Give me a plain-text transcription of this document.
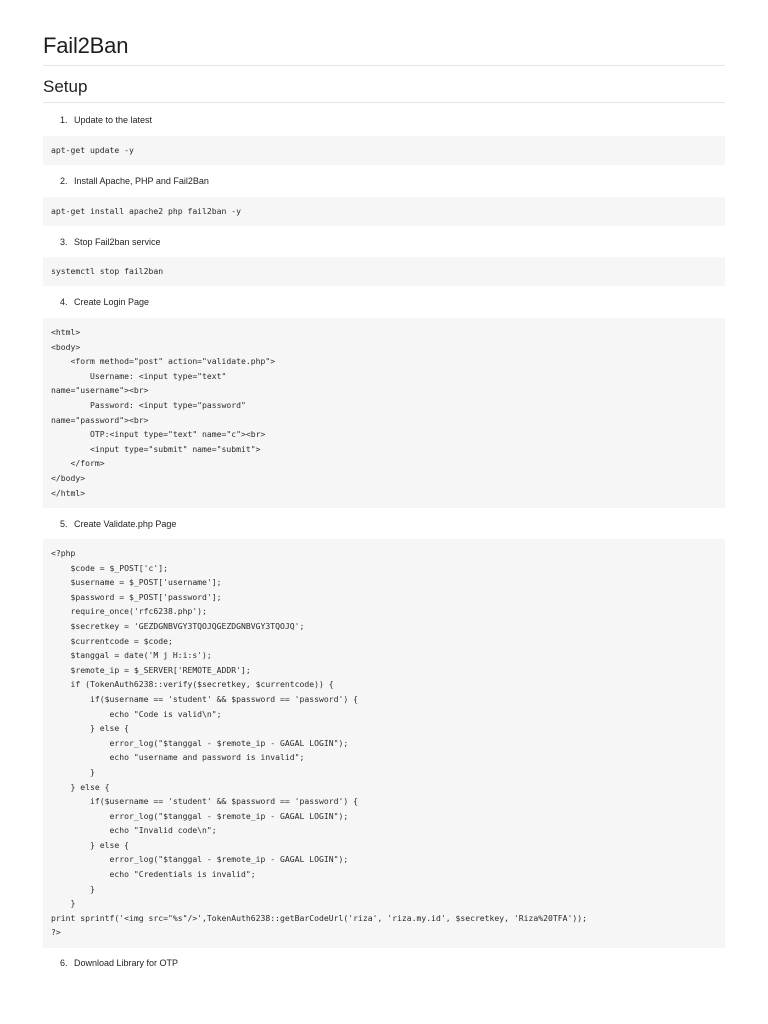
Fail2Ban
Setup
1. Update to the latest
apt-get update -y
2. Install Apache, PHP and Fail2Ban
apt-get install apache2 php fail2ban -y
3. Stop Fail2ban service
systemctl stop fail2ban
4. Create Login Page
<html>
<body>
<form method="post" action="validate.php">
Username: <input type="text"
name="username"><br>
Password: <input type="password"
name="password"><br>
OTP:<input type="text" name="c"><br>
<input type="submit" name="submit">
</form>
</body>
</html>
5. Create Validate.php Page
<?php
$code = $_POST['c'];
$username = $_POST['username'];
$password = $_POST['password'];
require_once('rfc6238.php');
$secretkey = 'GEZDGNBVGY3TQOJQGEZDGNBVGY3TQOJQ';
$currentcode = $code;
$tanggal = date('M j H:i:s');
$remote_ip = $_SERVER['REMOTE_ADDR'];
if (TokenAuth6238::verify($secretkey, $currentcode)) {
if($username == 'student' && $password == 'password') {
echo "Code is valid\n";
} else {
error_log("$tanggal - $remote_ip - GAGAL LOGIN");
echo "username and password is invalid";
}
} else {
if($username == 'student' && $password == 'password') {
error_log("$tanggal - $remote_ip - GAGAL LOGIN");
echo "Invalid code\n";
} else {
error_log("$tanggal - $remote_ip - GAGAL LOGIN");
echo "Credentials is invalid";
}
}
print sprintf('<img src="%s"/>',TokenAuth6238::getBarCodeUrl('riza', 'riza.my.id', $secretkey, 'Riza%20TFA'));
?>
6. Download Library for OTP
